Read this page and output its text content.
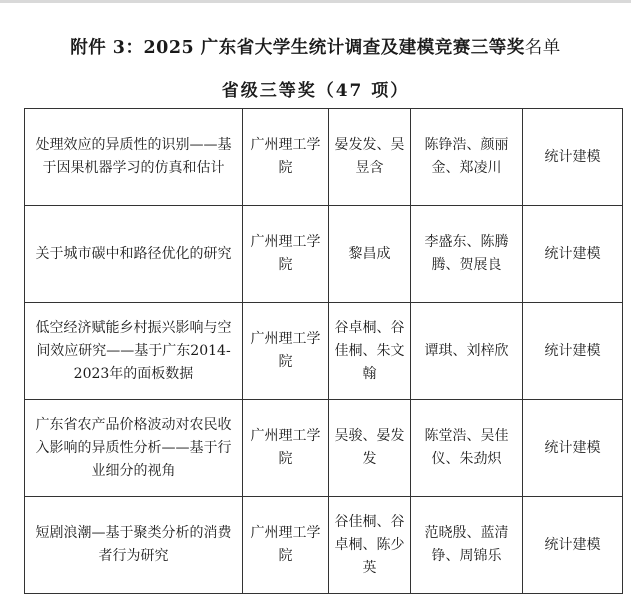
附件 3：2025 广东省大学生统计调查及建模竞赛三等奖名单
省级三等奖（47 项）
处理效应的异质性的识别——基于因果机器学习的仿真和估计	广州理工学院	晏发发、吴昱含	陈铮浩、颜丽金、郑凌川	统计建模
关于城市碳中和路径优化的研究	广州理工学院	黎昌成	李盛东、陈腾腾、贺展良	统计建模
低空经济赋能乡村振兴影响与空间效应研究——基于广东2014-2023年的面板数据	广州理工学院	谷卓桐、谷佳桐、朱文翰	谭琪、刘梓欣	统计建模
广东省农产品价格波动对农民收入影响的异质性分析——基于行业细分的视角	广州理工学院	吴骏、晏发发	陈堂浩、吴佳仪、朱劲炽	统计建模
短剧浪潮—基于聚类分析的消费者行为研究	广州理工学院	谷佳桐、谷卓桐、陈少英	范晓殷、蓝清铮、周锦乐	统计建模
